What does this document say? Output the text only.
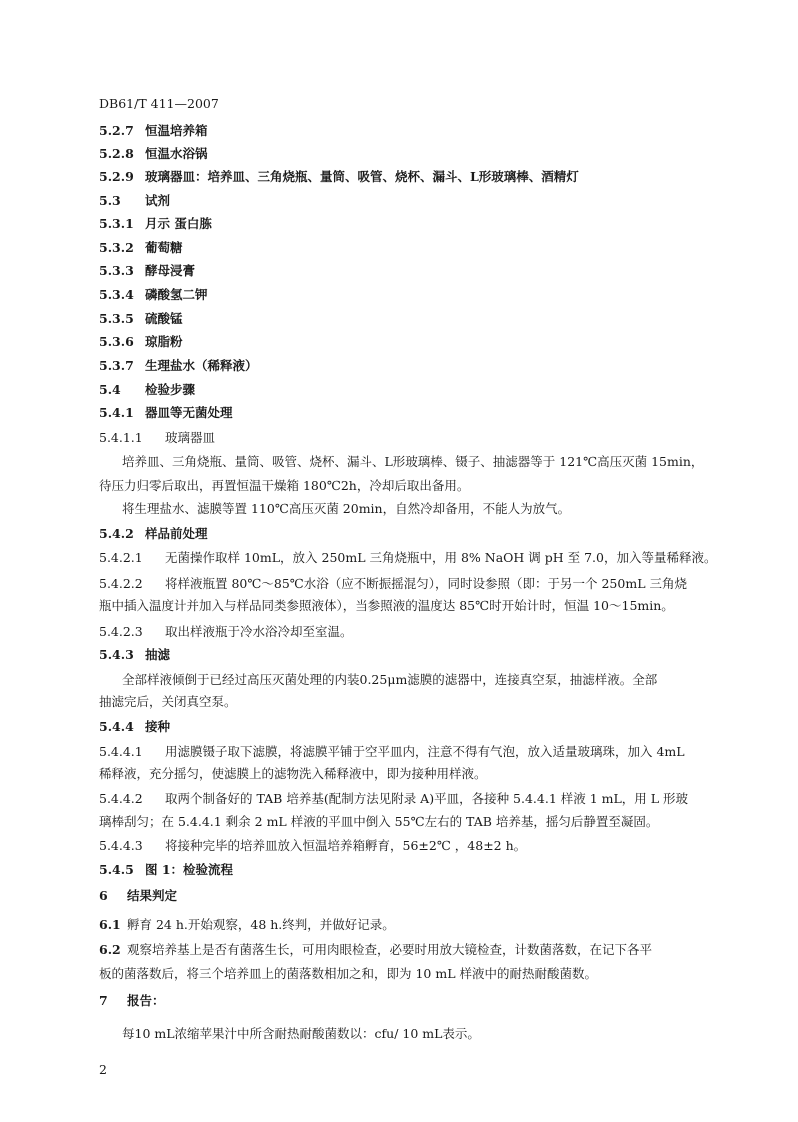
DB61/T 411—2007
5.2.7 恒温培养箱
5.2.8 恒温水浴锅
5.2.9 玻璃器皿：培养皿、三角烧瓶、量筒、吸管、烧杯、漏斗、L形玻璃棒、酒精灯
5.3 试剂
5.3.1 月示 蛋白胨
5.3.2 葡萄糖
5.3.3 酵母浸膏
5.3.4 磷酸氢二钾
5.3.5 硫酸锰
5.3.6 琼脂粉
5.3.7 生理盐水（稀释液）
5.4 检验步骤
5.4.1 器皿等无菌处理
5.4.1.1 玻璃器皿
培养皿、三角烧瓶、量筒、吸管、烧杯、漏斗、L形玻璃棒、镊子、抽滤器等于 121℃高压灭菌 15min，
待压力归零后取出，再置恒温干燥箱 180℃2h，冷却后取出备用。
将生理盐水、滤膜等置 110℃高压灭菌 20min，自然冷却备用，不能人为放气。
5.4.2 样品前处理
5.4.2.1 无菌操作取样 10mL，放入 250mL 三角烧瓶中，用 8% NaOH 调 pH 至 7.0，加入等量稀释液。
5.4.2.2 将样液瓶置 80℃～85℃水浴（应不断振摇混匀），同时设参照（即：于另一个 250mL 三角烧
瓶中插入温度计并加入与样品同类参照液体），当参照液的温度达 85℃时开始计时，恒温 10～15min。
5.4.2.3 取出样液瓶于冷水浴冷却至室温。
5.4.3 抽滤
全部样液倾倒于已经过高压灭菌处理的内装0.25μm滤膜的滤器中，连接真空泵，抽滤样液。全部
抽滤完后，关闭真空泵。
5.4.4 接种
5.4.4.1 用滤膜镊子取下滤膜，将滤膜平铺于空平皿内，注意不得有气泡，放入适量玻璃珠，加入 4mL
稀释液，充分摇匀，使滤膜上的滤物洗入稀释液中，即为接种用样液。
5.4.4.2 取两个制备好的 TAB 培养基(配制方法见附录 A)平皿，各接种 5.4.4.1 样液 1 mL，用 L 形玻
璃棒刮匀；在 5.4.4.1 剩余 2 mL 样液的平皿中倒入 55℃左右的 TAB 培养基，摇匀后静置至凝固。
5.4.4.3 将接种完毕的培养皿放入恒温培养箱孵育，56±2℃ ，48±2 h。
5.4.5 图 1：检验流程
6 结果判定
6.1 孵育 24 h.开始观察，48 h.终判，并做好记录。
6.2 观察培养基上是否有菌落生长，可用肉眼检查，必要时用放大镜检查，计数菌落数，在记下各平
板的菌落数后，将三个培养皿上的菌落数相加之和，即为 10 mL 样液中的耐热耐酸菌数。
7 报告：
每10 mL浓缩苹果汁中所含耐热耐酸菌数以：cfu/ 10 mL表示。
2
